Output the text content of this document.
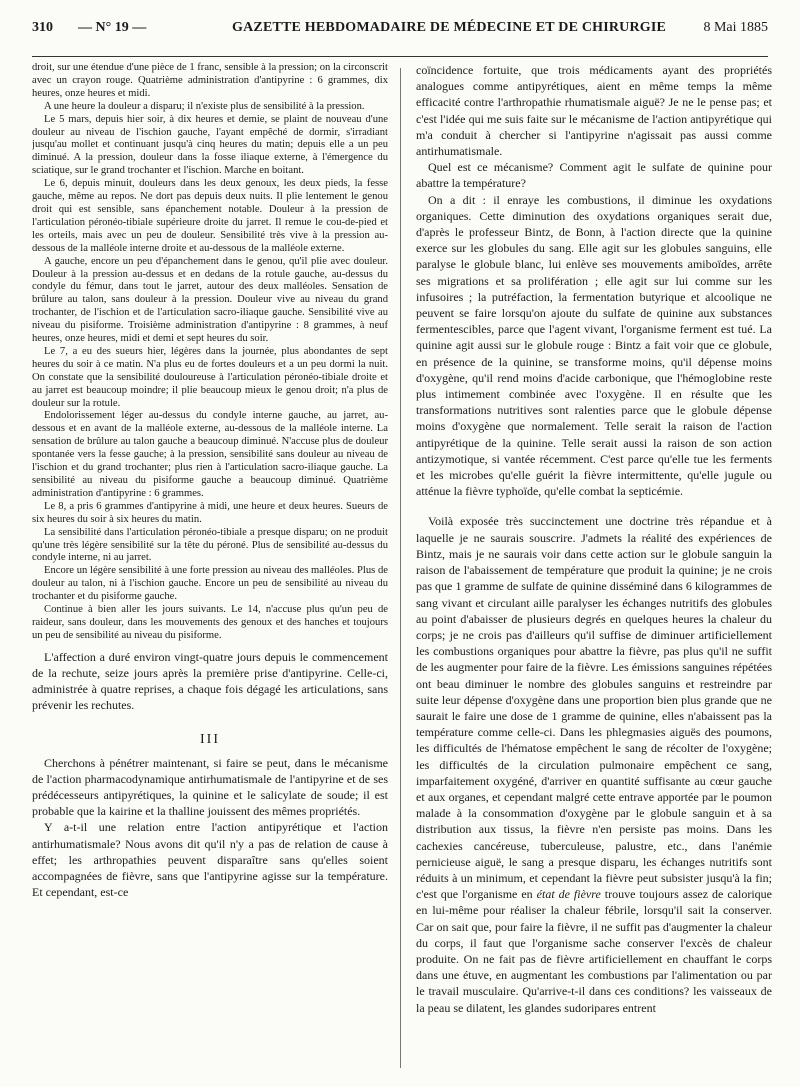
310 — N° 19 —	GAZETTE HEBDOMADAIRE DE MÉDECINE ET DE CHIRURGIE	8 Mai 1885

droit, sur une étendue d'une pièce de 1 franc, sensible à la pression; on la circonscrit avec un crayon rouge. Quatrième administration d'antipyrine : 6 grammes, dix heures, onze heures et midi.

A une heure la douleur a disparu; il n'existe plus de sensibilité à la pression.

Le 5 mars, depuis hier soir, à dix heures et demie, se plaint de nouveau d'une douleur au niveau de l'ischion gauche, l'ayant empêché de dormir, s'irradiant jusqu'au mollet et continuant jusqu'à cinq heures du matin; depuis elle a un peu diminué. A la pression, douleur dans la fosse iliaque externe, à l'émergence du sciatique, sur le grand trochanter et l'ischion. Marche en boitant.

Le 6, depuis minuit, douleurs dans les deux genoux, les deux pieds, la fesse gauche, même au repos. Ne dort pas depuis deux nuits. Il plie lentement le genou droit qui est sensible, sans épanchement notable. Douleur à la pression de l'articulation péronéo-tibiale supérieure droite du jarret. Il remue le cou-de-pied et les orteils, mais avec un peu de douleur. Sensibilité très vive à la pression au-dessous de la malléole interne droite et au-dessous de la malléole externe.

A gauche, encore un peu d'épanchement dans le genou, qu'il plie avec douleur. Douleur à la pression au-dessus et en dedans de la rotule gauche, au-dessus du condyle du fémur, dans tout le jarret, autour des deux malléoles. Sensation de brûlure au talon, sans douleur à la pression. Douleur vive au niveau du grand trochanter, de l'ischion et de l'articulation sacro-iliaque gauche. Sensibilité vive au niveau du pisiforme. Troisième administration d'antipyrine : 8 grammes, à neuf heures, onze heures, midi et demi et sept heures du soir.

Le 7, a eu des sueurs hier, légères dans la journée, plus abondantes de sept heures du soir à ce matin. N'a plus eu de fortes douleurs et a un peu dormi la nuit. On constate que la sensibilité douloureuse à l'articulation péronéo-tibiale droite et au jarret est beaucoup moindre; il plie beaucoup mieux le genou droit; n'a plus de douleur sur la rotule.

Endolorissement léger au-dessus du condyle interne gauche, au jarret, au-dessous et en avant de la malléole externe, au-dessous de la malléole interne. La sensation de brûlure au talon gauche a beaucoup diminué. N'accuse plus de douleur spontanée vers la fesse gauche; à la pression, sensibilité sans douleur au niveau de l'ischion et du grand trochanter; plus rien à l'articulation sacro-iliaque gauche. La sensibilité au niveau du pisiforme gauche a beaucoup diminué. Quatrième administration d'antipyrine : 6 grammes.

Le 8, a pris 6 grammes d'antipyrine à midi, une heure et deux heures. Sueurs de six heures du soir à six heures du matin.

La sensibilité dans l'articulation péronéo-tibiale a presque disparu; on ne produit qu'une très légère sensibilité sur la tête du péroné. Plus de sensibilité au-dessus du condyle interne, ni au jarret.

Encore un légère sensibilité à une forte pression au niveau des malléoles. Plus de douleur au talon, ni à l'ischion gauche. Encore un peu de sensibilité au niveau du trochanter et du pisiforme gauche.

Continue à bien aller les jours suivants. Le 14, n'accuse plus qu'un peu de raideur, sans douleur, dans les mouvements des genoux et des hanches et toujours un peu de sensibilité au niveau du pisiforme.

L'affection a duré environ vingt-quatre jours depuis le commencement de la rechute, seize jours après la première prise d'antipyrine. Celle-ci, administrée à quatre reprises, a chaque fois dégagé les articulations, sans prévenir les rechutes.

III

Cherchons à pénétrer maintenant, si faire se peut, dans le mécanisme de l'action pharmacodynamique antirhumatismale de l'antipyrine et de ses prédécesseurs antipyrétiques, la quinine et le salicylate de soude; il est probable que la kairine et la thalline jouissent des mêmes propriétés.

Y a-t-il une relation entre l'action antipyrétique et l'action antirhumatismale? Nous avons dit qu'il n'y a pas de relation de cause à effet; les arthropathies peuvent disparaître sans qu'elles soient accompagnées de fièvre, sans que l'antipyrine agisse sur la température. Et cependant, est-ce

coïncidence fortuite, que trois médicaments ayant des propriétés analogues comme antipyrétiques, aient en même temps la même efficacité contre l'arthropathie rhumatismale aiguë? Je ne le pense pas; et c'est l'idée qui me suis faite sur le mécanisme de l'action antipyrétique qui m'a conduit à chercher si l'antipyrine n'agissait pas aussi comme antirhumatismale.

Quel est ce mécanisme? Comment agit le sulfate de quinine pour abattre la température?

On a dit : il enraye les combustions, il diminue les oxydations organiques. Cette diminution des oxydations organiques serait due, d'après le professeur Bintz, de Bonn, à l'action directe que la quinine exerce sur les globules du sang. Elle agit sur les globules sanguins, elle paralyse le globule blanc, lui enlève ses mouvements amiboïdes, arrête ses migrations et sa prolifération ; elle agit sur lui comme sur les infusoires ; la putréfaction, la fermentation butyrique et alcoolique ne peuvent se faire lorsqu'on ajoute du sulfate de quinine aux substances fermentescibles, parce que l'agent vivant, l'organisme ferment est tué. La quinine agit aussi sur le globule rouge : Bintz a fait voir que ce globule, en présence de la quinine, se transforme moins, qu'il dépense moins d'oxygène, qu'il rend moins d'acide carbonique, que l'hémoglobine reste plus intimement combinée avec l'oxygène. Il en résulte que les transformations nutritives sont ralenties parce que le globule dépense moins d'oxygène que normalement. Telle serait la raison de l'action antipyrétique de la quinine. Telle serait aussi la raison de son action antizymotique, si vantée récemment. C'est parce qu'elle tue les ferments et les microbes qu'elle guérit la fièvre intermittente, qu'elle jugule ou atténue la fièvre typhoïde, qu'elle combat la septicémie.

Voilà exposée très succinctement une doctrine très répandue et à laquelle je ne saurais souscrire. J'admets la réalité des expériences de Bintz, mais je ne saurais voir dans cette action sur le globule sanguin la raison de l'abaissement de température que produit la quinine; je ne crois pas que 1 gramme de sulfate de quinine disséminé dans 6 kilogrammes de sang vivant et circulant aille paralyser les échanges nutritifs des globules au point d'abaisser de plusieurs degrés en quelques heures la chaleur du corps; je ne crois pas d'ailleurs qu'il suffise de diminuer artificiellement les combustions organiques pour abattre la fièvre, pas plus qu'il ne suffit de les augmenter pour faire de la fièvre. Les émissions sanguines répétées ont beau diminuer le nombre des globules sanguins et restreindre par suite leur dépense d'oxygène dans une proportion bien plus grande que ne saurait le faire une dose de 1 gramme de quinine, elles n'abaissent pas la température comme celle-ci. Dans les phlegmasies aiguës des poumons, les difficultés de l'hématose empêchent le sang de récolter de l'oxygène; les difficultés de la circulation pulmonaire empêchent ce sang, imparfaitement oxygéné, d'arriver en quantité suffisante au cœur gauche et aux organes, et cependant malgré cette entrave apportée par le poumon malade à la consommation d'oxygène par le globule sanguin et à sa distribution aux tissus, la fièvre n'en persiste pas moins. Dans les cachexies cancéreuse, tuberculeuse, palustre, etc., dans l'anémie pernicieuse aiguë, le sang a presque disparu, les échanges nutritifs sont réduits à un minimum, et cependant la fièvre peut subsister jusqu'à la fin; c'est que l'organisme en état de fièvre trouve toujours assez de calorique en lui-même pour réaliser la chaleur fébrile, lorsqu'il sait la conserver. Car on sait que, pour faire la fièvre, il ne suffit pas d'augmenter la chaleur du corps, il faut que l'organisme sache conserver l'excès de chaleur produite. On ne fait pas de fièvre artificiellement en chauffant le corps dans une étuve, en augmentant les combustions par l'alimentation ou par le travail musculaire. Qu'arrive-t-il dans ces conditions? les vaisseaux de la peau se dilatent, les glandes sudoripares entrent
